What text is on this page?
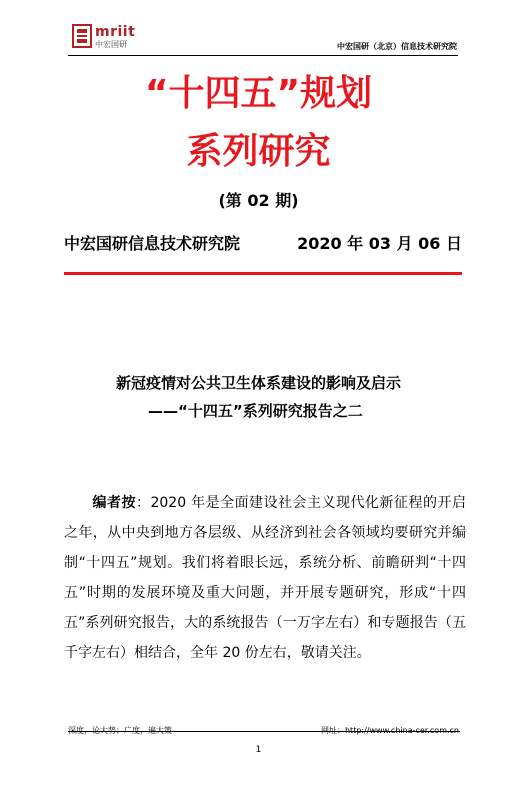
mriit
中宏国研	中宏国研（北京）信息技术研究院
“十四五”规划
系列研究
(第 02 期)
中宏国研信息技术研究院	2020 年 03 月 06 日
新冠疫情对公共卫生体系建设的影响及启示
——“十四五”系列研究报告之二
编者按：2020 年是全面建设社会主义现代化新征程的开启之年，从中央到地方各层级、从经济到社会各领域均要研究并编制“十四五”规划。我们将着眼长远，系统分析、前瞻研判“十四五”时期的发展环境及重大问题，并开展专题研究，形成“十四五”系列研究报告，大的系统报告（一万字左右）和专题报告（五千字左右）相结合，全年 20 份左右，敬请关注。
1
